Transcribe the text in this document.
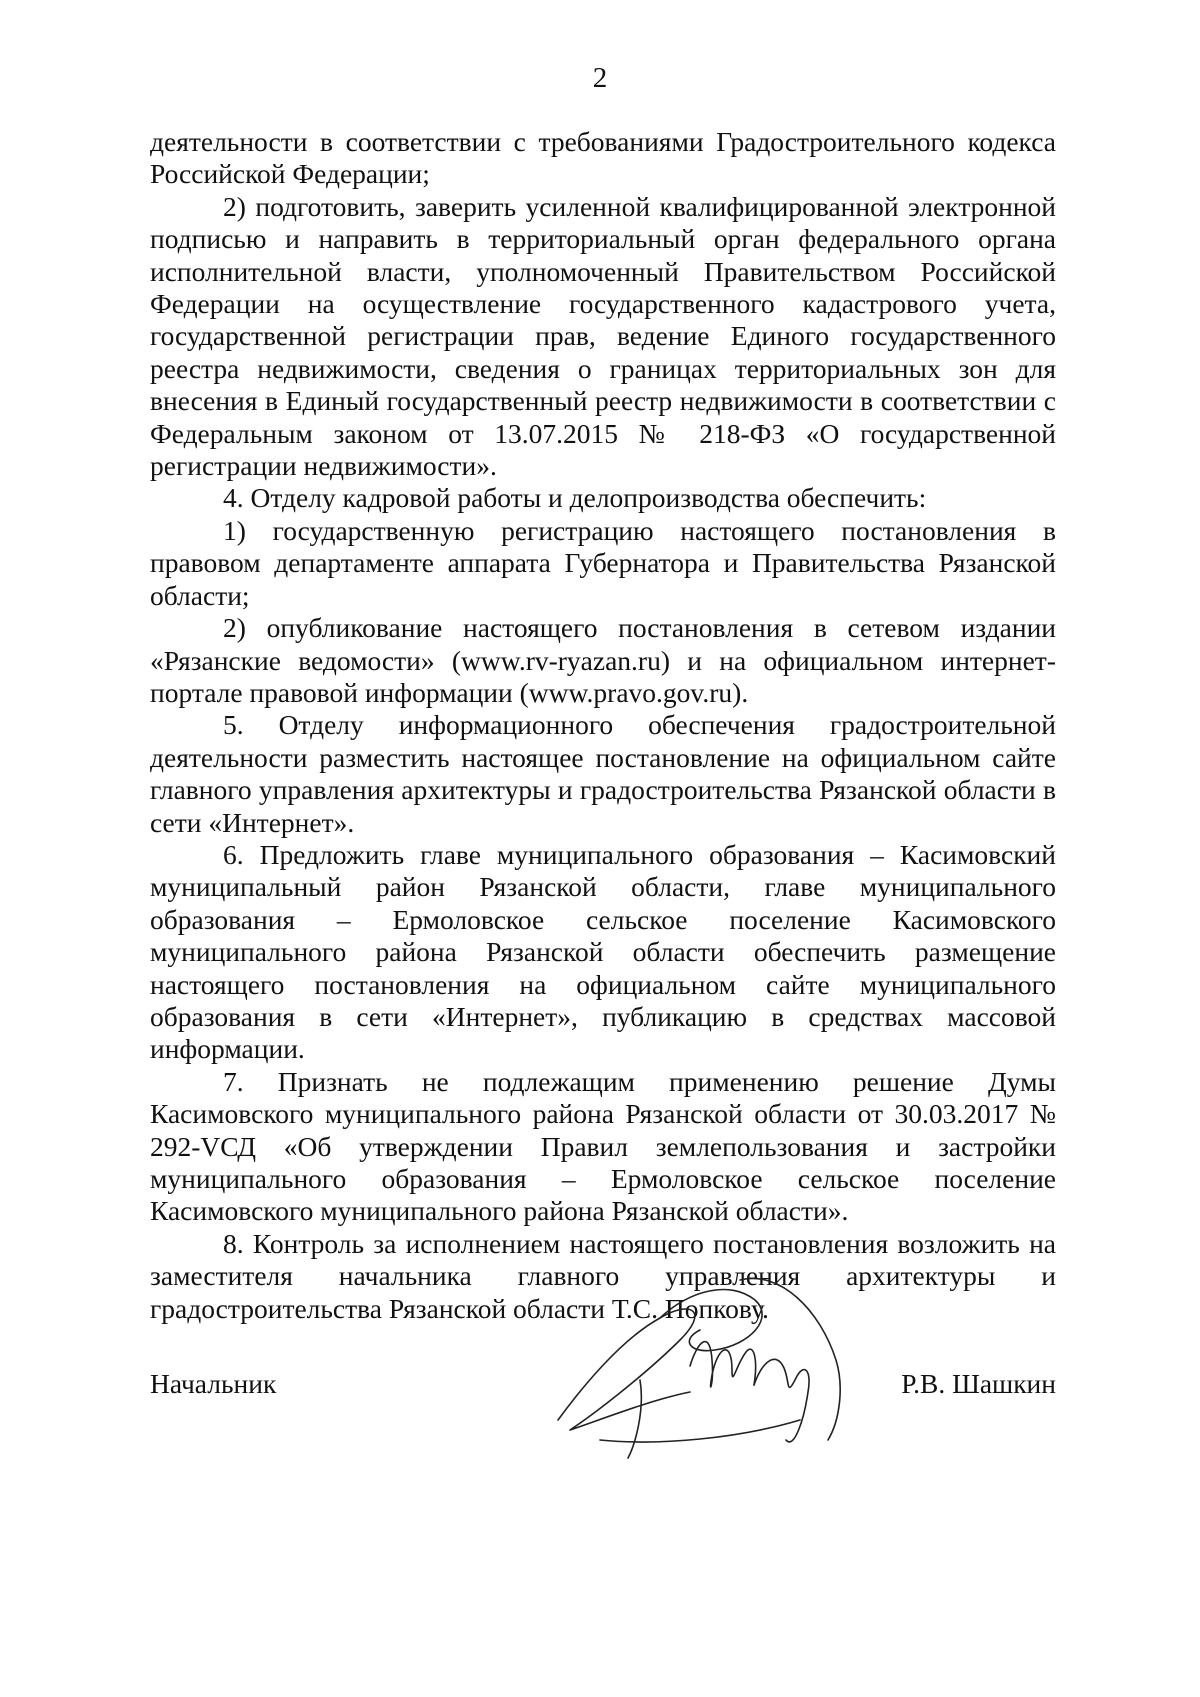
2

деятельности в соответствии с требованиями Градостроительного кодекса Российской Федерации;

2) подготовить, заверить усиленной квалифицированной электронной подписью и направить в территориальный орган федерального органа исполнительной власти, уполномоченный Правительством Российской Федерации на осуществление государственного кадастрового учета, государственной регистрации прав, ведение Единого государственного реестра недвижимости, сведения о границах территориальных зон для внесения в Единый государственный реестр недвижимости в соответствии с Федеральным законом от 13.07.2015 № 218-ФЗ «О государственной регистрации недвижимости».

4. Отделу кадровой работы и делопроизводства обеспечить:

1) государственную регистрацию настоящего постановления в правовом департаменте аппарата Губернатора и Правительства Рязанской области;

2) опубликование настоящего постановления в сетевом издании «Рязанские ведомости» (www.rv-ryazan.ru) и на официальном интернет-портале правовой информации (www.pravo.gov.ru).

5. Отделу информационного обеспечения градостроительной деятельности разместить настоящее постановление на официальном сайте главного управления архитектуры и градостроительства Рязанской области в сети «Интернет».

6. Предложить главе муниципального образования – Касимовский муниципальный район Рязанской области, главе муниципального образования – Ермоловское сельское поселение Касимовского муниципального района Рязанской области обеспечить размещение настоящего постановления на официальном сайте муниципального образования в сети «Интернет», публикацию в средствах массовой информации.

7. Признать не подлежащим применению решение Думы Касимовского муниципального района Рязанской области от 30.03.2017 № 292-VСД «Об утверждении Правил землепользования и застройки муниципального образования – Ермоловское сельское поселение Касимовского муниципального района Рязанской области».

8. Контроль за исполнением настоящего постановления возложить на заместителя начальника главного управления архитектуры и градостроительства Рязанской области Т.С. Попкову.

Начальник	Р.В. Шашкин
